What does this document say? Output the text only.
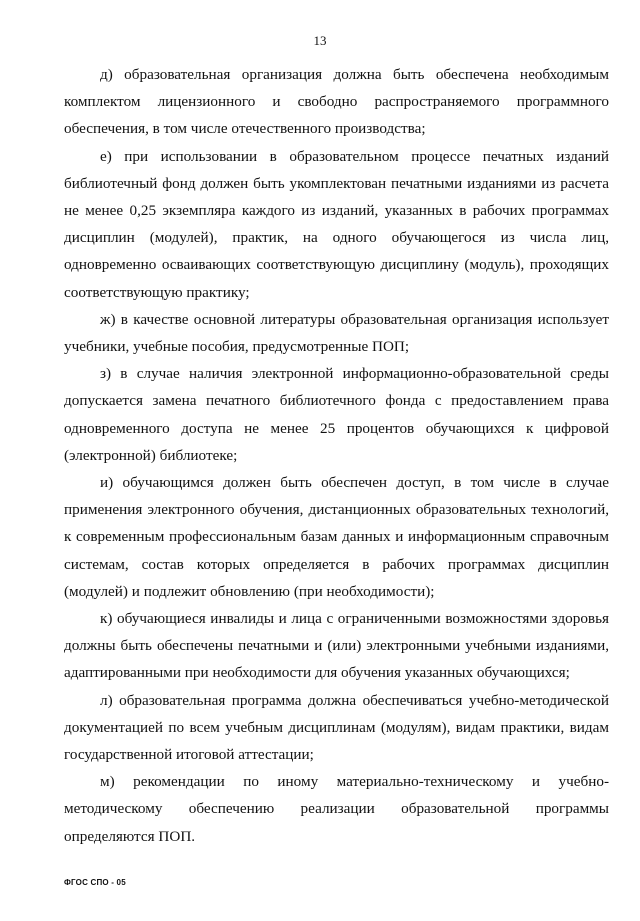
13

д) образовательная организация должна быть обеспечена необходимым комплектом лицензионного и свободно распространяемого программного обеспечения, в том числе отечественного производства;

е) при использовании в образовательном процессе печатных изданий библиотечный фонд должен быть укомплектован печатными изданиями из расчета не менее 0,25 экземпляра каждого из изданий, указанных в рабочих программах дисциплин (модулей), практик, на одного обучающегося из числа лиц, одновременно осваивающих соответствующую дисциплину (модуль), проходящих соответствующую практику;

ж) в качестве основной литературы образовательная организация использует учебники, учебные пособия, предусмотренные ПОП;

з) в случае наличия электронной информационно-образовательной среды допускается замена печатного библиотечного фонда с предоставлением права одновременного доступа не менее 25 процентов обучающихся к цифровой (электронной) библиотеке;

и) обучающимся должен быть обеспечен доступ, в том числе в случае применения электронного обучения, дистанционных образовательных технологий, к современным профессиональным базам данных и информационным справочным системам, состав которых определяется в рабочих программах дисциплин (модулей) и подлежит обновлению (при необходимости);

к) обучающиеся инвалиды и лица с ограниченными возможностями здоровья должны быть обеспечены печатными и (или) электронными учебными изданиями, адаптированными при необходимости для обучения указанных обучающихся;

л) образовательная программа должна обеспечиваться учебно-методической документацией по всем учебным дисциплинам (модулям), видам практики, видам государственной итоговой аттестации;

м) рекомендации по иному материально-техническому и учебно-методическому обеспечению реализации образовательной программы определяются ПОП.

ФГОС СПО - 05
